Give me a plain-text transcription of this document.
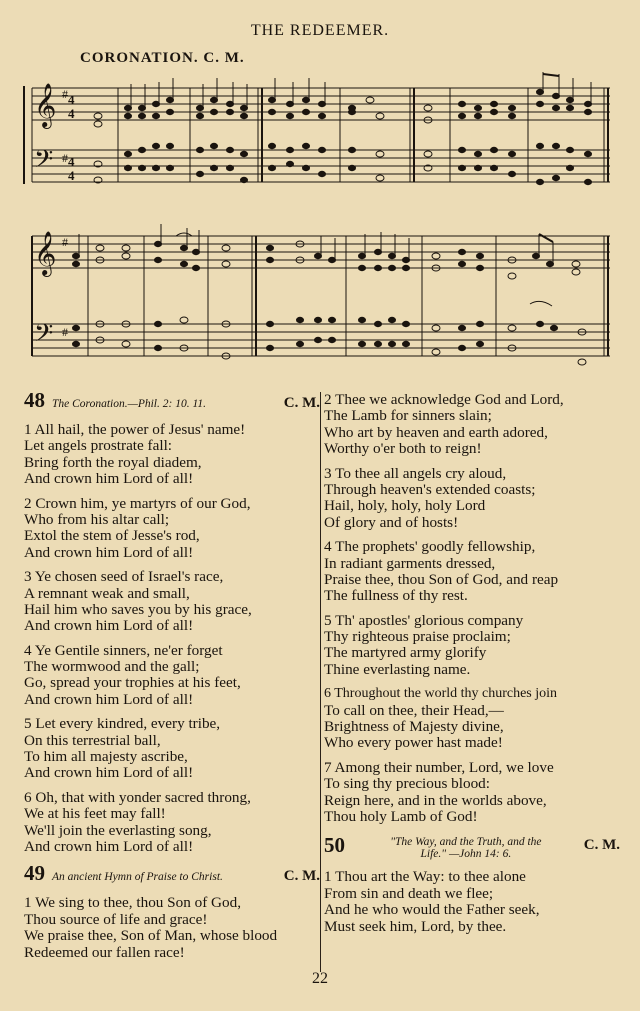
THE REDEEMER.
CORONATION. C. M.
𝄞
𝄢
#
#
4
4
4
4
𝄞
𝄢
#
#
48 The Coronation.—Phil. 2: 10. 11.	C. M.
1 All hail, the power of Jesus' name!
Let angels prostrate fall:
Bring forth the royal diadem,
And crown him Lord of all!
2 Crown him, ye martyrs of our God,
Who from his altar call;
Extol the stem of Jesse's rod,
And crown him Lord of all!
3 Ye chosen seed of Israel's race,
A remnant weak and small,
Hail him who saves you by his grace,
And crown him Lord of all!
4 Ye Gentile sinners, ne'er forget
The wormwood and the gall;
Go, spread your trophies at his feet,
And crown him Lord of all!
5 Let every kindred, every tribe,
On this terrestrial ball,
To him all majesty ascribe,
And crown him Lord of all!
6 Oh, that with yonder sacred throng,
We at his feet may fall!
We'll join the everlasting song,
And crown him Lord of all!
49 An ancient Hymn of Praise to Christ.	C. M.
1 We sing to thee, thou Son of God,
Thou source of life and grace!
We praise thee, Son of Man, whose blood
Redeemed our fallen race!
2 Thee we acknowledge God and Lord,
The Lamb for sinners slain;
Who art by heaven and earth adored,
Worthy o'er both to reign!
3 To thee all angels cry aloud,
Through heaven's extended coasts;
Hail, holy, holy, holy Lord
Of glory and of hosts!
4 The prophets' goodly fellowship,
In radiant garments dressed,
Praise thee, thou Son of God, and reap
The fullness of thy rest.
5 Th' apostles' glorious company
Thy righteous praise proclaim;
The martyred army glorify
Thine everlasting name.
6 Throughout the world thy churches join
To call on thee, their Head,—
Brightness of Majesty divine,
Who every power hast made!
7 Among their number, Lord, we love
To sing thy precious blood:
Reign here, and in the worlds above,
Thou holy Lamb of God!
50	"The Way, and the Truth, and the
Life." —John 14: 6.
C. M.
1 Thou art the Way: to thee alone
From sin and death we flee;
And he who would the Father seek,
Must seek him, Lord, by thee.
22
